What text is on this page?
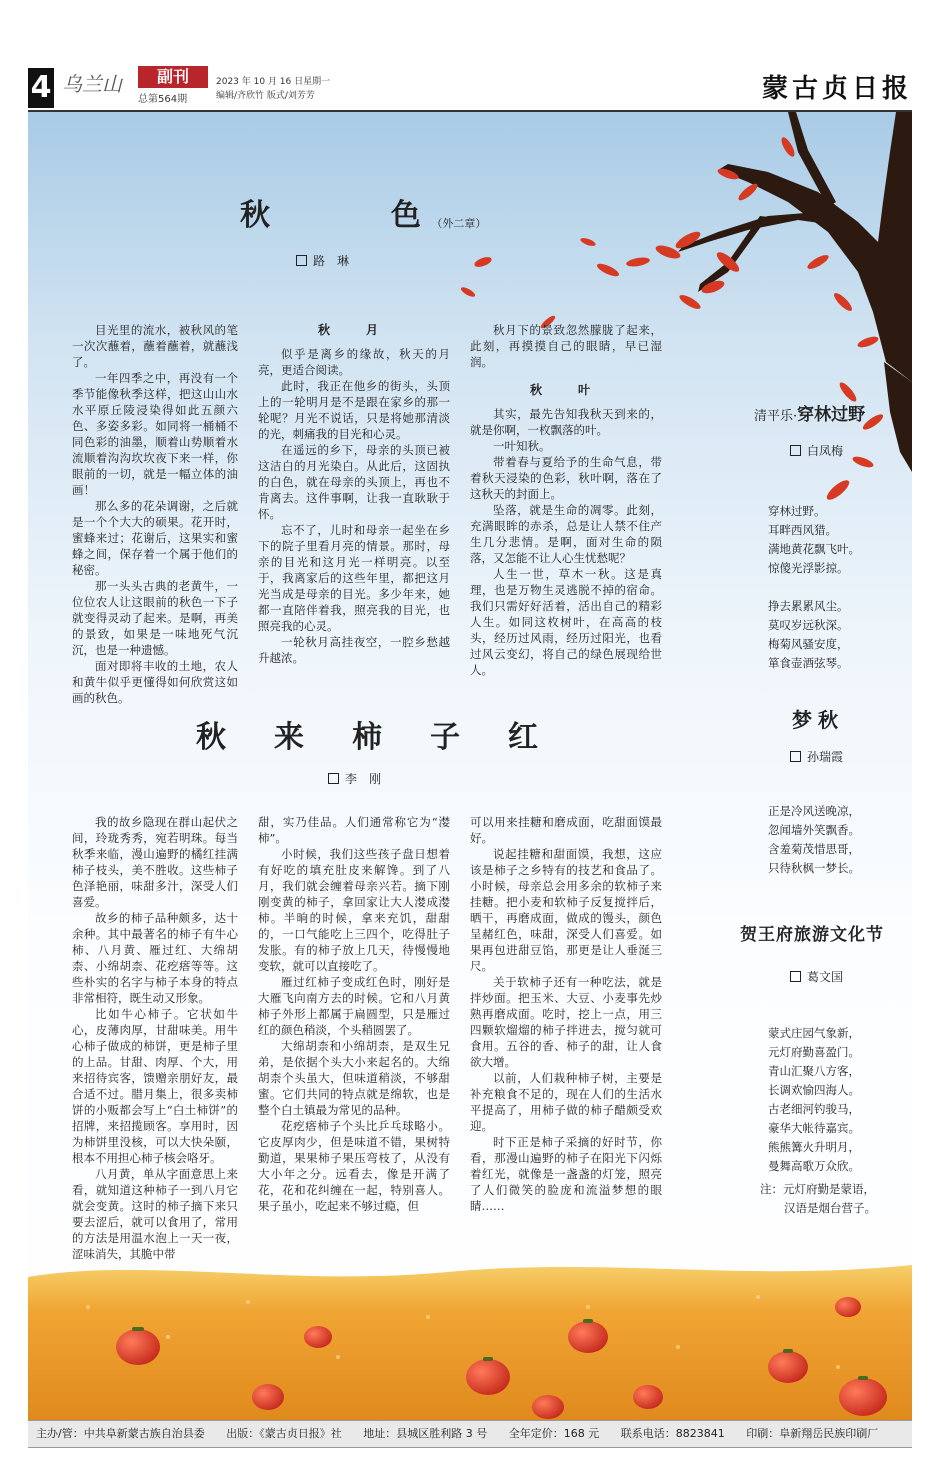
4 乌兰山	副刊
总第564期
2023 年 10 月 16 日星期一
编辑/齐欣竹 版式/刘芳芳	蒙古贞日报
秋	色 （外二章）
路　琳

目光里的流水，被秋风的笔一次次蘸着，蘸着蘸着，就蘸浅了。

一年四季之中，再没有一个季节能像秋季这样，把这山山水水平原丘陵浸染得如此五颜六色、多姿多彩。如同将一桶桶不同色彩的油墨，顺着山势顺着水流顺着沟沟坎坎夜下来一样，你眼前的一切，就是一幅立体的油画！

那么多的花朵调谢，之后就是一个个大大的硕果。花开时，蜜蜂来过；花谢后，这果实和蜜蜂之间，保存着一个属于他们的秘密。

那一头头古典的老黄牛，一位位农人让这眼前的秋色一下子就变得灵动了起来。是啊，再美的景致，如果是一味地死气沉沉，也是一种遗憾。

面对即将丰收的土地，农人和黄牛似乎更懂得如何欣赏这如画的秋色。

秋　月

似乎是离乡的缘故，秋天的月亮，更适合阅读。

此时，我正在他乡的街头，头顶上的一轮明月是不是跟在家乡的那一轮呢？月光不说话，只是将她那清淡的光，刺痛我的目光和心灵。

在遥远的乡下，母亲的头顶已被这洁白的月光染白。从此后，这固执的白色，就在母亲的头顶上，再也不肯离去。这件事啊，让我一直耿耿于怀。

忘不了，儿时和母亲一起坐在乡下的院子里看月亮的情景。那时，母亲的目光和这月光一样明亮。以至于，我离家后的这些年里，都把这月光当成是母亲的目光。多少年来，她都一直陪伴着我，照亮我的目光，也照亮我的心灵。

一轮秋月高挂夜空，一腔乡愁越升越浓。

秋月下的景致忽然朦胧了起来，此刻，再摸摸自己的眼睛，早已湿润。

秋　叶

其实，最先告知我秋天到来的，就是你啊，一枚飘落的叶。

一叶知秋。

带着春与夏给予的生命气息，带着秋天浸染的色彩，秋叶啊，落在了这秋天的封面上。

坠落，就是生命的凋零。此刻，充满眼眸的赤杀，总是让人禁不住产生几分悲情。是啊，面对生命的陨落，又怎能不让人心生忧愁呢？

人生一世，草木一秋。这是真理，也是万物生灵逃脱不掉的宿命。我们只需好好活着，活出自己的精彩人生。如同这枚树叶，在高高的枝头，经历过风雨，经历过阳光，也看过风云变幻，将自己的绿色展现给世人。

清平乐·穿林过野
白凤梅
穿林过野。
耳畔西风猎。
满地黄花飘飞叶。
惊傻光浮影掠。
挣去累累风尘。
莫叹岁远秋深。
梅菊风骚安度，
箪食壶酒弦琴。
秋 来 柿 子 红
李　刚

我的故乡隐现在群山起伏之间，玲珑秀秀，宛若明珠。每当秋季来临，漫山遍野的橘红挂满柿子枝头，美不胜收。这些柿子色泽艳丽，味甜多汁，深受人们喜爱。

故乡的柿子品种颇多，达十余种。其中最著名的柿子有牛心柿、八月黄、雁过红、大绵胡柰、小绵胡柰、花疙瘩等等。这些朴实的名字与柿子本身的特点非常相符，既生动又形象。

比如牛心柿子。它状如牛心，皮薄肉厚，甘甜味美。用牛心柿子做成的柿饼，更是柿子里的上品。甘甜、肉厚、个大，用来招待宾客，馈赠亲朋好友，最合适不过。腊月集上，很多卖柿饼的小贩都会写上“白土柿饼”的招牌，来招揽顾客。享用时，因为柿饼里没核，可以大快朵颐，根本不用担心柿子核会咯牙。

八月黄，单从字面意思上来看，就知道这种柿子一到八月它就会变黄。这时的柿子摘下来只要去涩后，就可以食用了，常用的方法是用温水泡上一天一夜，涩味消失，其脆中带

甜，实乃佳品。人们通常称它为“漤柿”。

小时候，我们这些孩子盘日想着有好吃的填充肚皮来解馋。到了八月，我们就会缠着母亲兴若。摘下刚刚变黄的柿子，拿回家让大人漤成漤柿。半晌的时候，拿来充饥，甜甜的，一口气能吃上三四个，吃得肚子发胀。有的柿子放上几天，待慢慢地变软，就可以直接吃了。

雁过红柿子变成红色时，刚好是大雁飞向南方去的时候。它和八月黄柿子外形上都属于扁圆型，只是雁过红的颜色稍淡，个头稍圆罢了。

大绵胡柰和小绵胡柰，是双生兄弟，是依据个头大小来起名的。大绵胡柰个头虽大，但味道稍淡，不够甜蜜。它们共同的特点就是绵软，也是整个白土镇最为常见的品种。

花疙瘩柿子个头比乒乓球略小。它皮厚肉少，但是味道不错，果树特勤道，果果柿子果压弯枝了，从没有大小年之分。远看去，像是开满了花，花和花纠缠在一起，特别喜人。果子虽小，吃起来不够过瘾，但

可以用来挂糖和磨成面，吃甜面馍最好。

说起挂糖和甜面馍，我想，这应该是柿子之乡特有的技艺和食品了。小时候，母亲总会用多余的软柿子来挂糖。把小麦和软柿子反复搅拌后，晒干，再磨成面，做成的馒头，颜色呈赭红色，味甜，深受人们喜爱。如果再包进甜豆馅，那更是让人垂涎三尺。

关于软柿子还有一种吃法，就是拌炒面。把玉米、大豆、小麦事先炒熟再磨成面。吃时，挖上一点，用三四颗软熘熘的柿子拌进去，搅匀就可食用。五谷的香、柿子的甜，让人食欲大增。

以前，人们栽种柿子树，主要是补充粮食不足的，现在人们的生活水平提高了，用柿子做的柿子醋颇受欢迎。

时下正是柿子采摘的好时节，你看，那漫山遍野的柿子在阳光下闪烁着红光，就像是一盏盏的灯笼，照亮了人们微笑的脸庞和流溢梦想的眼睛……

梦秋
孙瑞霞
正是冷风送晚凉，
忽闻墙外笑飘香。
含羞菊茂惜思哥，
只待秋枫一梦长。
贺王府旅游文化节
葛文国
蒙式庄园气象新，
元灯府勤喜盈门。
青山汇聚八方客，
长调欢愉四海人。
古老细河钓骏马，
豪华大帐待嘉宾。
熊熊篝火升明月，
曼舞高歌万众欣。
注：元灯府勤是蒙语，
汉语是烟台营子。
主办/管：中共阜新蒙古族自治县委 出版：《蒙古贞日报》社 地址：县城区胜利路 3 号 全年定价：168 元 联系电话：8823841 印刷：阜新翔岳民族印刷厂
